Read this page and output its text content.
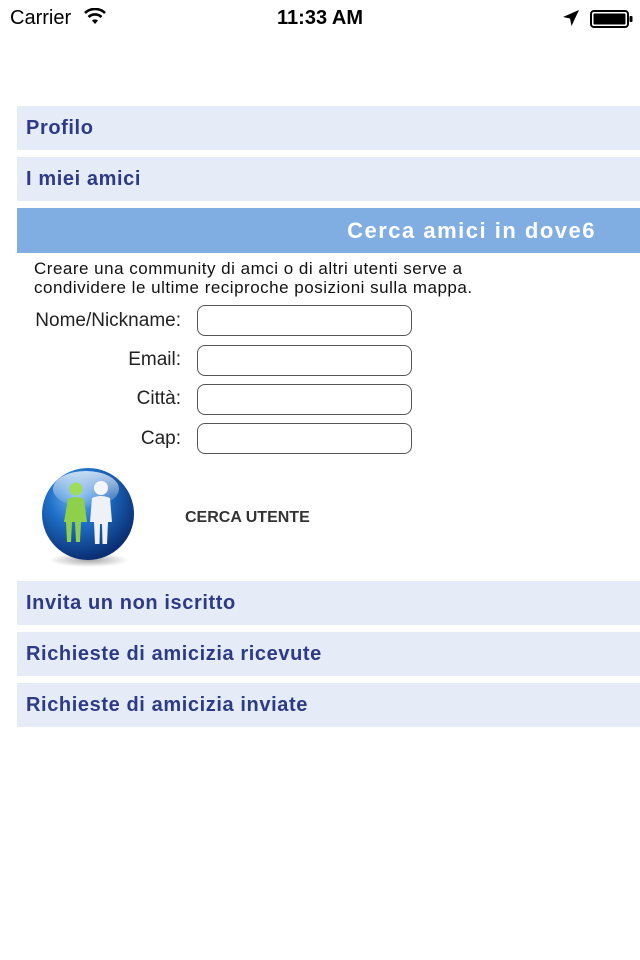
Carrier	11:33 AM
Profilo
I miei amici
Cerca amici in dove6
Creare una community di amci o di altri utenti serve a
condividere le ultime reciproche posizioni sulla mappa.
Nome/Nickname:
Email:
Città:
Cap:
CERCA UTENTE
Invita un non iscritto
Richieste di amicizia ricevute
Richieste di amicizia inviate
